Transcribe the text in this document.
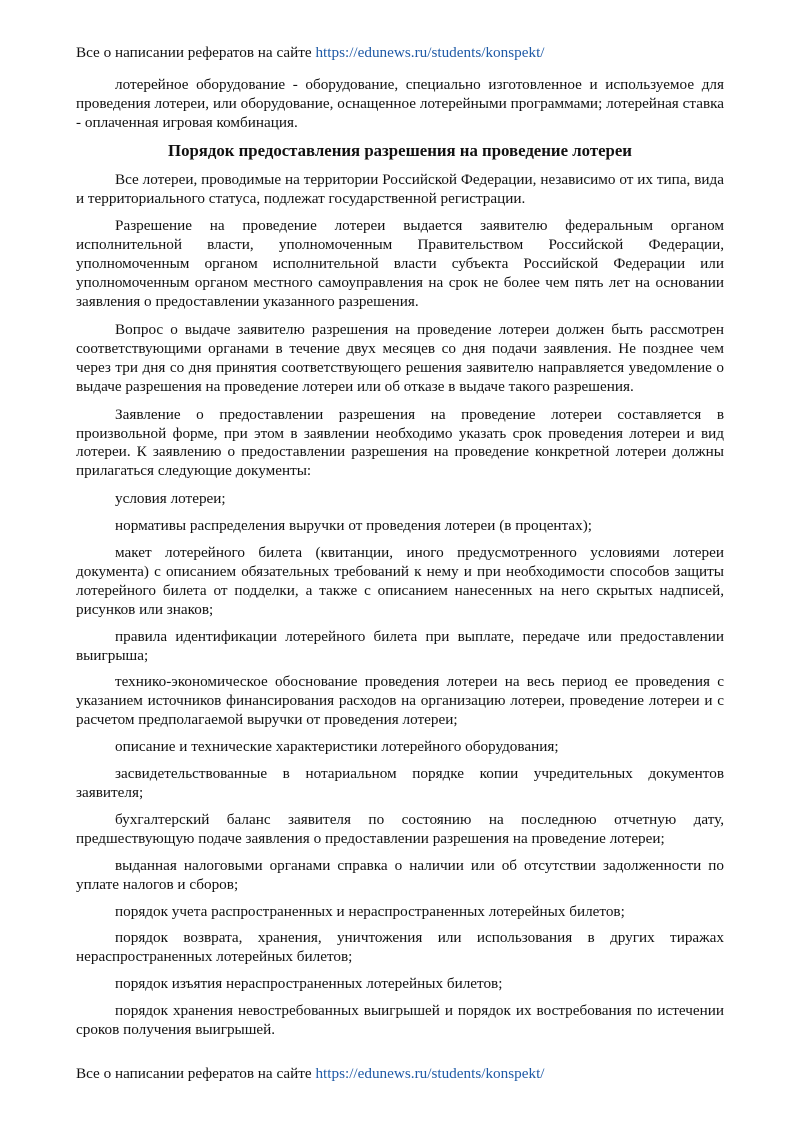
Все о написании рефератов на сайте https://edunews.ru/students/konspekt/

лотерейное оборудование - оборудование, специально изготовленное и используемое для проведения лотереи, или оборудование, оснащенное лотерейными программами; лотерейная ставка - оплаченная игровая комбинация.

Порядок предоставления разрешения на проведение лотереи

Все лотереи, проводимые на территории Российской Федерации, независимо от их типа, вида и территориального статуса, подлежат государственной регистрации.

Разрешение на проведение лотереи выдается заявителю федеральным органом исполнительной власти, уполномоченным Правительством Российской Федерации, уполномоченным органом исполнительной власти субъекта Российской Федерации или уполномоченным органом местного самоуправления на срок не более чем пять лет на основании заявления о предоставлении указанного разрешения.

Вопрос о выдаче заявителю разрешения на проведение лотереи должен быть рассмотрен соответствующими органами в течение двух месяцев со дня подачи заявления. Не позднее чем через три дня со дня принятия соответствующего решения заявителю направляется уведомление о выдаче разрешения на проведение лотереи или об отказе в выдаче такого разрешения.

Заявление о предоставлении разрешения на проведение лотереи составляется в произвольной форме, при этом в заявлении необходимо указать срок проведения лотереи и вид лотереи. К заявлению о предоставлении разрешения на проведение конкретной лотереи должны прилагаться следующие документы:

условия лотереи;

нормативы распределения выручки от проведения лотереи (в процентах);

макет лотерейного билета (квитанции, иного предусмотренного условиями лотереи документа) с описанием обязательных требований к нему и при необходимости способов защиты лотерейного билета от подделки, а также с описанием нанесенных на него скрытых надписей, рисунков или знаков;

правила идентификации лотерейного билета при выплате, передаче или предоставлении выигрыша;

технико-экономическое обоснование проведения лотереи на весь период ее проведения с указанием источников финансирования расходов на организацию лотереи, проведение лотереи и с расчетом предполагаемой выручки от проведения лотереи;

описание и технические характеристики лотерейного оборудования;

засвидетельствованные в нотариальном порядке копии учредительных документов заявителя;

бухгалтерский баланс заявителя по состоянию на последнюю отчетную дату, предшествующую подаче заявления о предоставлении разрешения на проведение лотереи;

выданная налоговыми органами справка о наличии или об отсутствии задолженности по уплате налогов и сборов;

порядок учета распространенных и нераспространенных лотерейных билетов;

порядок возврата, хранения, уничтожения или использования в других тиражах нераспространенных лотерейных билетов;

порядок изъятия нераспространенных лотерейных билетов;

порядок хранения невостребованных выигрышей и порядок их востребования по истечении сроков получения выигрышей.

Все о написании рефератов на сайте https://edunews.ru/students/konspekt/
